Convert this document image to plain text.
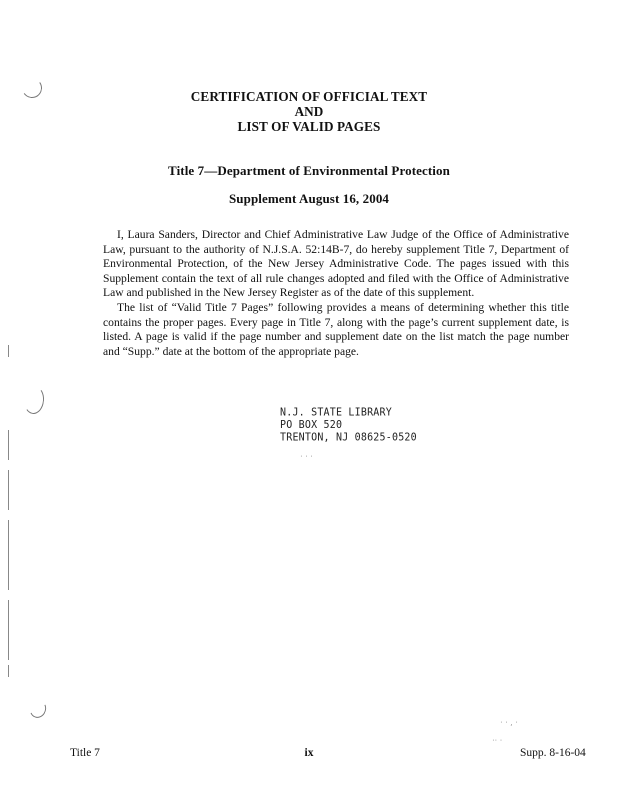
⋅ ⋅ , ⋅
⋅⋅ ⋅
⋅ ⋅ ⋅
CERTIFICATION OF OFFICIAL TEXT
AND
LIST OF VALID PAGES
Title 7—Department of Environmental Protection
Supplement August 16, 2004

I, Laura Sanders, Director and Chief Administrative Law Judge of the Office of Administrative Law, pursuant to the authority of N.J.S.A. 52:14B-7, do hereby supplement Title 7, Department of Environmental Protection, of the New Jersey Administrative Code. The pages issued with this Supplement contain the text of all rule changes adopted and filed with the Office of Administrative Law and published in the New Jersey Register as of the date of this supplement.

The list of “Valid Title 7 Pages” following provides a means of determining whether this title contains the proper pages. Every page in Title 7, along with the page’s current supplement date, is listed. A page is valid if the page number and supplement date on the list match the page number and “Supp.” date at the bottom of the appropriate page.

N.J. STATE LIBRARY
PO BOX 520
TRENTON, NJ 08625-0520
Title 7	ix	Supp. 8-16-04
